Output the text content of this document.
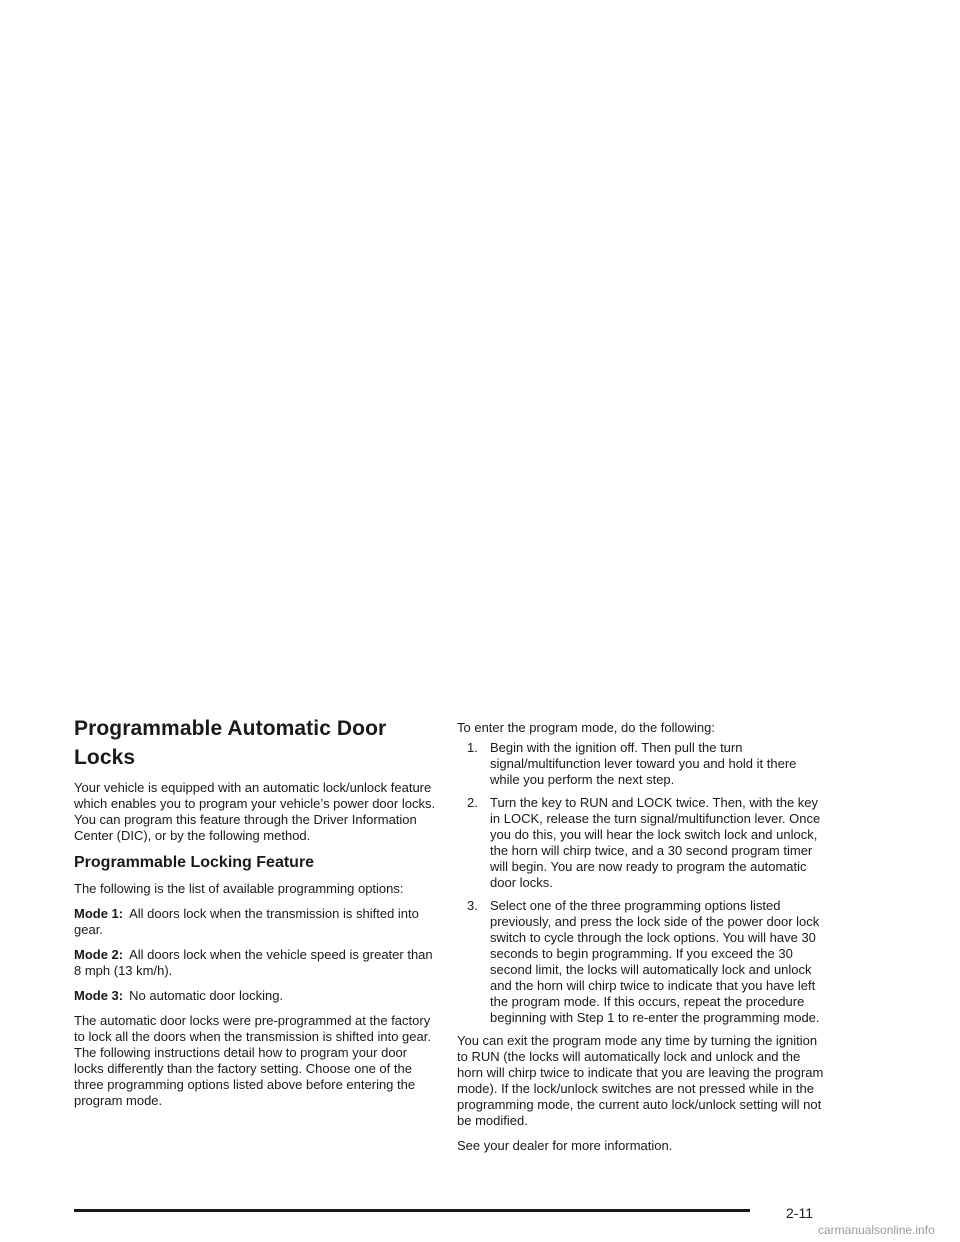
Programmable Automatic Door Locks

Your vehicle is equipped with an automatic lock/unlock feature which enables you to program your vehicle’s power door locks. You can program this feature through the Driver Information Center (DIC), or by the following method.

Programmable Locking Feature

The following is the list of available programming options:

Mode 1: All doors lock when the transmission is shifted into gear.

Mode 2: All doors lock when the vehicle speed is greater than 8 mph (13 km/h).

Mode 3: No automatic door locking.

The automatic door locks were pre-programmed at the factory to lock all the doors when the transmission is shifted into gear. The following instructions detail how to program your door locks differently than the factory setting. Choose one of the three programming options listed above before entering the program mode.

To enter the program mode, do the following:

1. Begin with the ignition off. Then pull the turn signal/multifunction lever toward you and hold it there while you perform the next step.
2. Turn the key to RUN and LOCK twice. Then, with the key in LOCK, release the turn signal/multifunction lever. Once you do this, you will hear the lock switch lock and unlock, the horn will chirp twice, and a 30 second program timer will begin. You are now ready to program the automatic door locks.
3. Select one of the three programming options listed previously, and press the lock side of the power door lock switch to cycle through the lock options. You will have 30 seconds to begin programming. If you exceed the 30 second limit, the locks will automatically lock and unlock and the horn will chirp twice to indicate that you have left the program mode. If this occurs, repeat the procedure beginning with Step 1 to re-enter the programming mode.

You can exit the program mode any time by turning the ignition to RUN (the locks will automatically lock and unlock and the horn will chirp twice to indicate that you are leaving the program mode). If the lock/unlock switches are not pressed while in the programming mode, the current auto lock/unlock setting will not be modified.

See your dealer for more information.

2-11
carmanualsonline.info
